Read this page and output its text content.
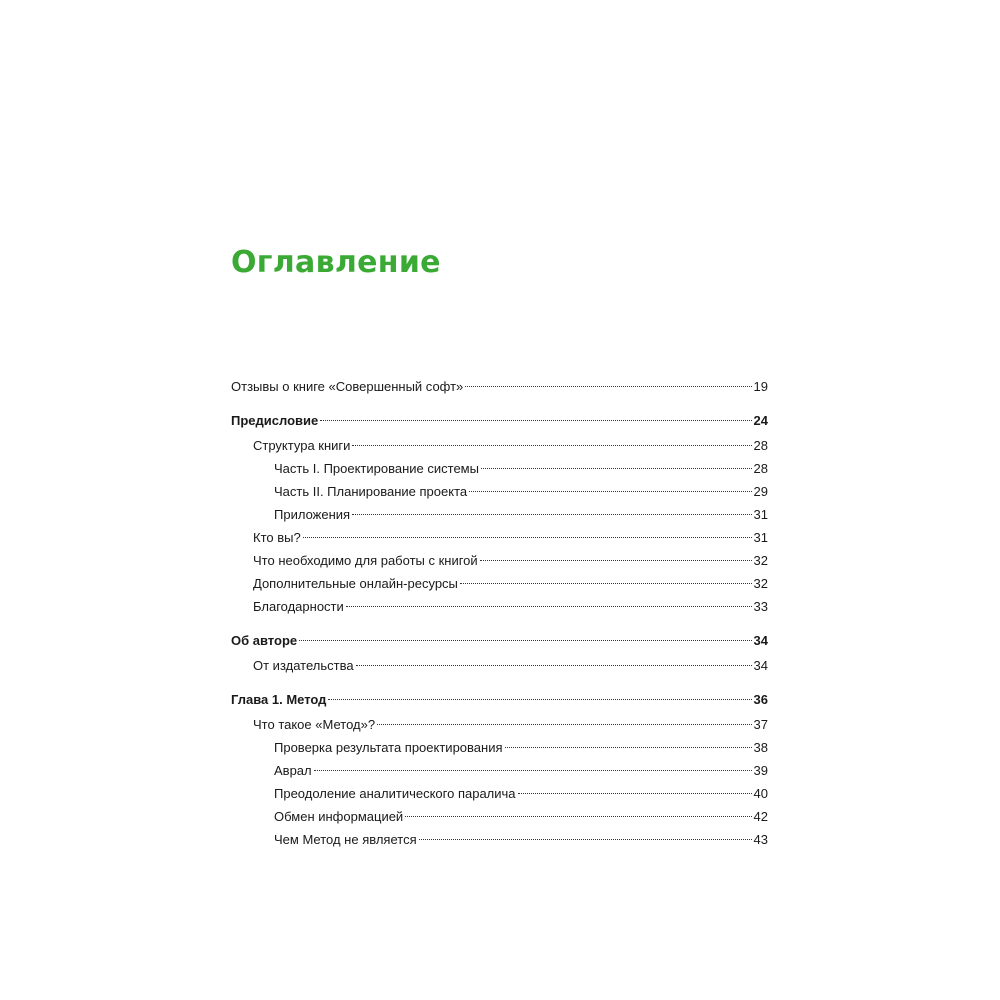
Оглавление
Отзывы о книге «Совершенный софт»	19
Предисловие	24
Структура книги	28
Часть I. Проектирование системы	28
Часть II. Планирование проекта	29
Приложения	31
Кто вы?	31
Что необходимо для работы с книгой	32
Дополнительные онлайн-ресурсы	32
Благодарности	33
Об авторе	34
От издательства	34
Глава 1. Метод	36
Что такое «Метод»?	37
Проверка результата проектирования	38
Аврал	39
Преодоление аналитического паралича	40
Обмен информацией	42
Чем Метод не является	43
